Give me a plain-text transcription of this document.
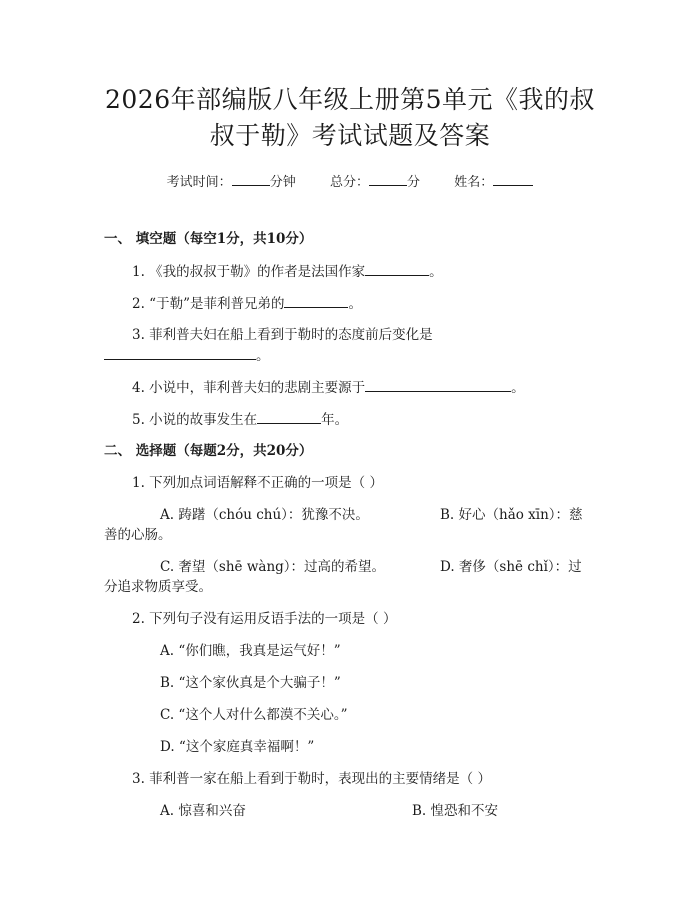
2026年部编版八年级上册第5单元《我的叔
叔于勒》考试试题及答案
考试时间：	分钟	总分：	分	姓名：
一、 填空题（每空1分，共10分）
1. 《我的叔叔于勒》的作者是法国作家	。
2. “于勒”是菲利普兄弟的	。
3. 菲利普夫妇在船上看到于勒时的态度前后变化是
。
4. 小说中，菲利普夫妇的悲剧主要源于	。
5. 小说的故事发生在	年。
二、 选择题（每题2分，共20分）
1. 下列加点词语解释不正确的一项是（ ）
A. 踌躇（chóu chú）：犹豫不决。	B. 好心（hǎo xīn）：慈
善的心肠。
C. 奢望（shē wàng）：过高的希望。	D. 奢侈（shē chǐ）：过
分追求物质享受。
2. 下列句子没有运用反语手法的一项是（ ）
A. “你们瞧，我真是运气好！”
B. “这个家伙真是个大骗子！”
C. “这个人对什么都漠不关心。”
D. “这个家庭真幸福啊！”
3. 菲利普一家在船上看到于勒时，表现出的主要情绪是（ ）
A. 惊喜和兴奋	B. 惶恐和不安
